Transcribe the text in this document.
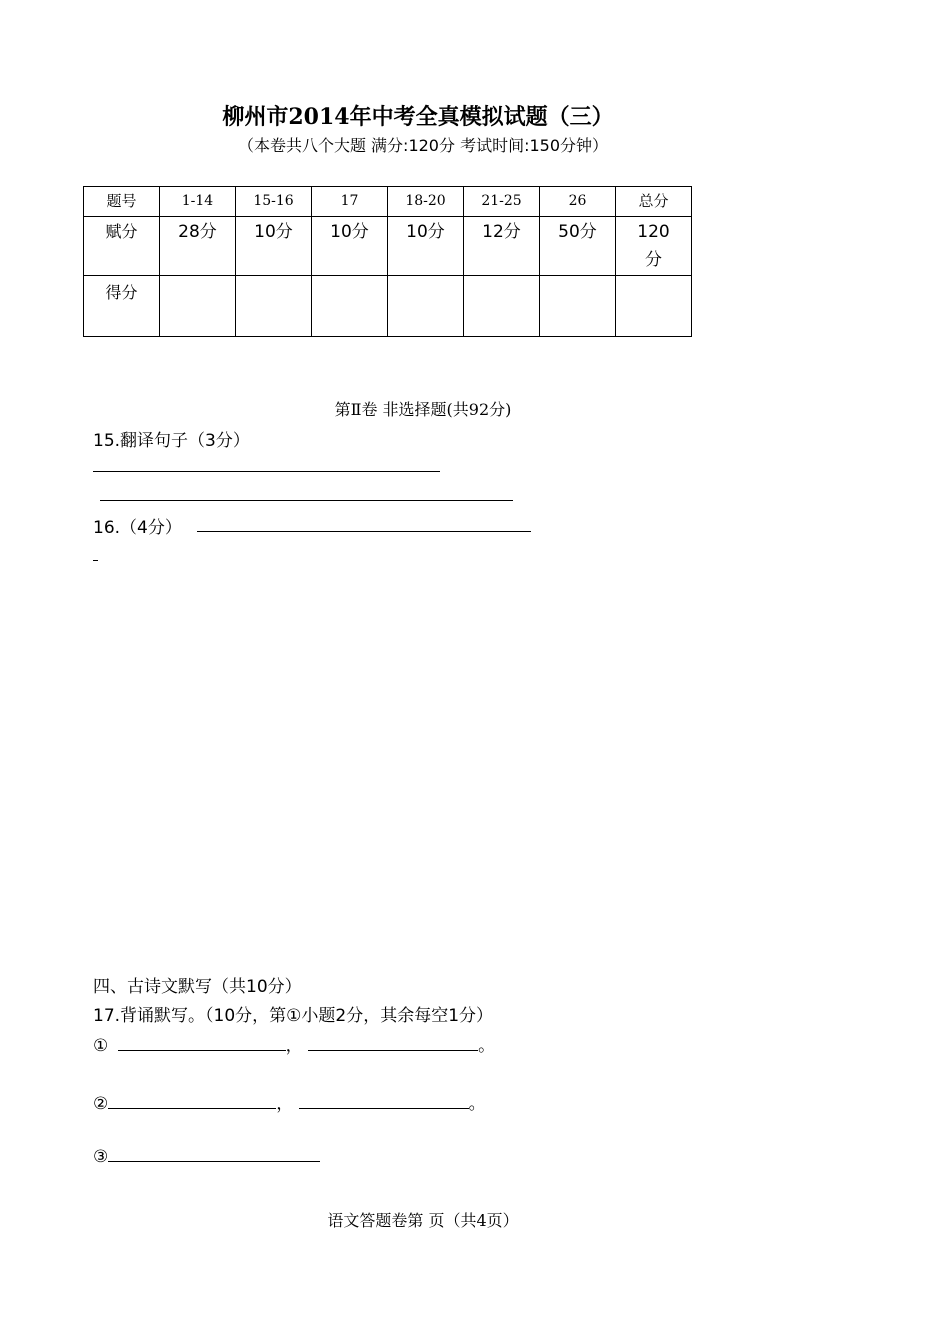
柳州市2014年中考全真模拟试题（三）
（本卷共八个大题 满分:120分 考试时间:150分钟）
题号	1-14	15-16	17	18-20	21-25	26	总分
赋分	28分	10分	10分	10分	12分	50分	120分
得分							
第Ⅱ卷 非选择题(共92分)
15.翻译句子（3分）
16.（4分）
四、古诗文默写（共10分）
17.背诵默写。（10分，第①小题2分，其余每空1分）
①	，	。
②	，	。
③
语文答题卷第 页（共4页）
